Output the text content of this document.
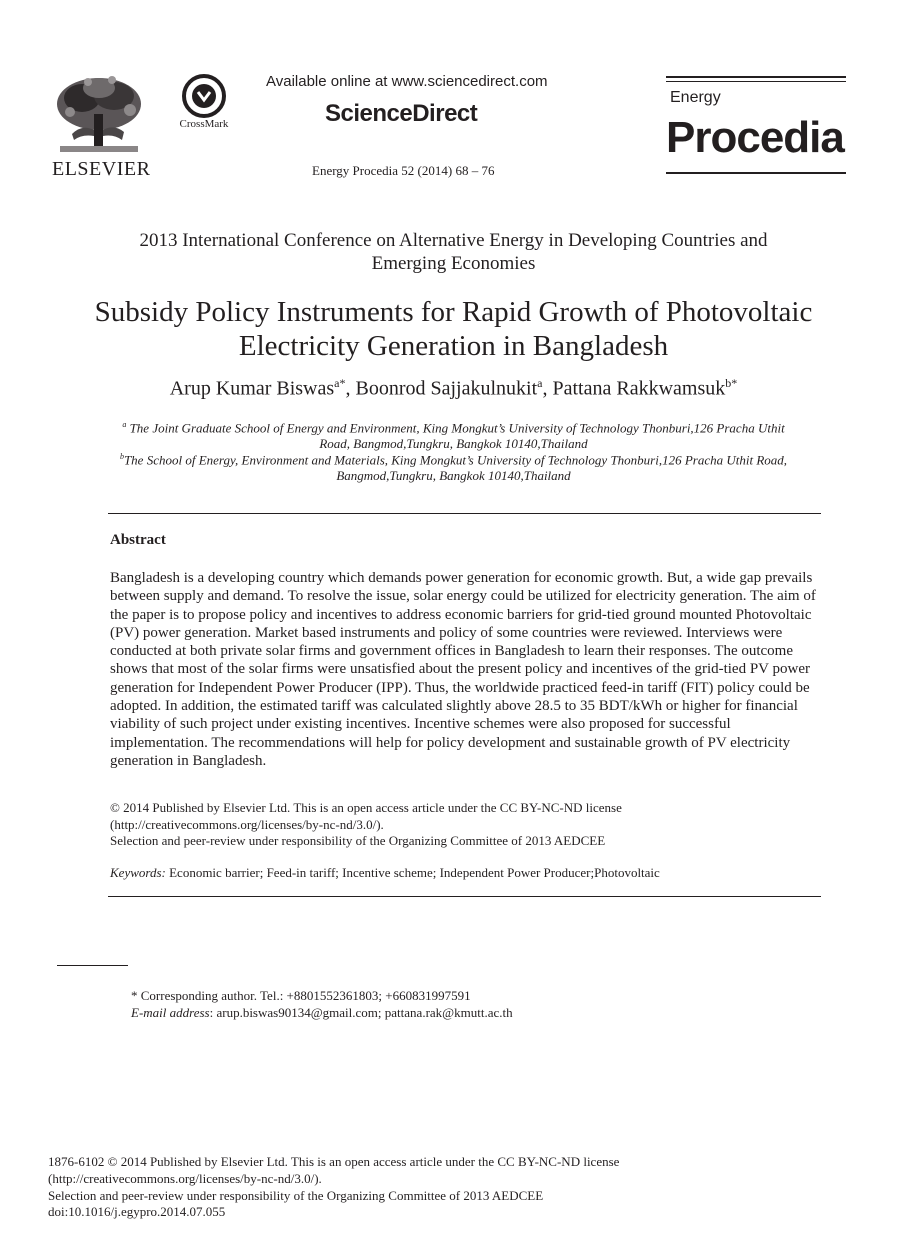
ELSEVIER
CrossMark
Available online at www.sciencedirect.com
ScienceDirect
Energy Procedia 52 (2014) 68 – 76
Energy
Procedia
2013 International Conference on Alternative Energy in Developing Countries and
Emerging Economies
Subsidy Policy Instruments for Rapid Growth of Photovoltaic
Electricity Generation in Bangladesh
Arup Kumar Biswas$^{a*}$, Boonrod Sajjakulnukit$^a$, Pattana Rakkwamsuk$^{b*}$
$^a$ The Joint Graduate School of Energy and Environment, King Mongkut’s University of Technology Thonburi,126 Pracha Uthit
Road, Bangmod,Tungkru, Bangkok 10140,Thailand
$^b$The School of Energy, Environment and Materials, King Mongkut’s University of Technology Thonburi,126 Pracha Uthit Road,
Bangmod,Tungkru, Bangkok 10140,Thailand
Abstract
Bangladesh is a developing country which demands power generation for economic growth. But, a wide gap prevails
between supply and demand. To resolve the issue, solar energy could be utilized for electricity generation. The aim of
the paper is to propose policy and incentives to address economic barriers for grid-tied ground mounted Photovoltaic
(PV) power generation. Market based instruments and policy of some countries were reviewed. Interviews were
conducted at both private solar firms and government offices in Bangladesh to learn their responses. The outcome
shows that most of the solar firms were unsatisfied about the present policy and incentives of the grid-tied PV power
generation for Independent Power Producer (IPP). Thus, the worldwide practiced feed-in tariff (FIT) policy could be
adopted. In addition, the estimated tariff was calculated slightly above 28.5 to 35 BDT/kWh or higher for financial
viability of such project under existing incentives. Incentive schemes were also proposed for successful
implementation. The recommendations will help for policy development and sustainable growth of PV electricity
generation in Bangladesh.
© 2014 Published by Elsevier Ltd. This is an open access article under the CC BY-NC-ND license
(http://creativecommons.org/licenses/by-nc-nd/3.0/).
Selection and peer-review under responsibility of the Organizing Committee of 2013 AEDCEE
Keywords: Economic barrier; Feed-in tariff; Incentive scheme; Independent Power Producer;Photovoltaic
* Corresponding author. Tel.: +8801552361803; +660831997591
E-mail address: arup.biswas90134@gmail.com; pattana.rak@kmutt.ac.th
1876-6102 © 2014 Published by Elsevier Ltd. This is an open access article under the CC BY-NC-ND license
(http://creativecommons.org/licenses/by-nc-nd/3.0/).
Selection and peer-review under responsibility of the Organizing Committee of 2013 AEDCEE
doi:10.1016/j.egypro.2014.07.055
